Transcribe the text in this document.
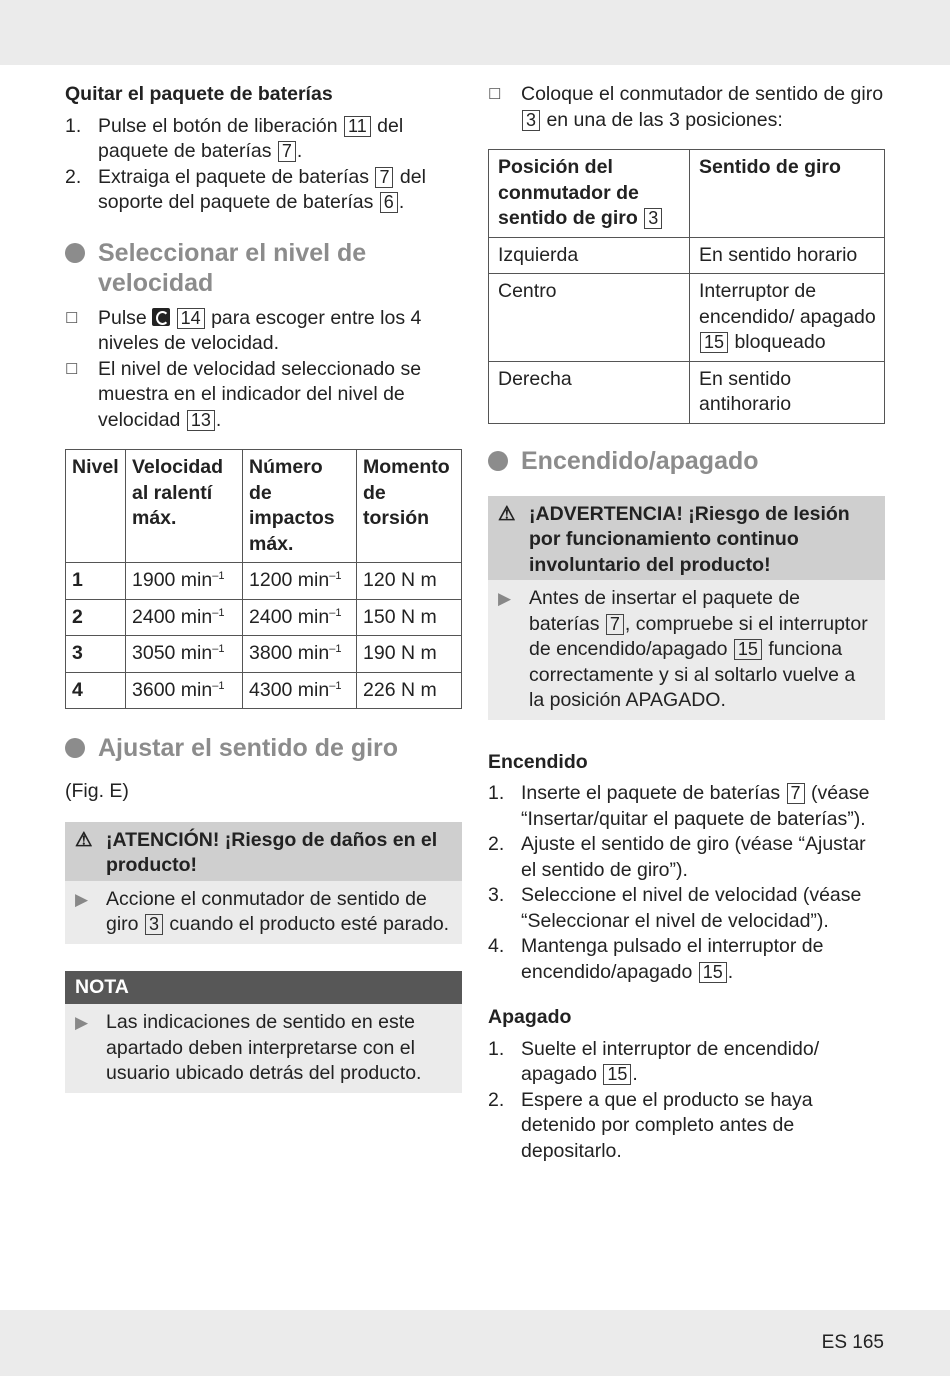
Quitar el paquete de baterías
1. Pulse el botón de liberación 11 del paquete de baterías 7 .
2. Extraiga el paquete de baterías 7 del soporte del paquete de baterías 6 .
Seleccionar el nivel de velocidad
☐	Pulse 14 para escoger entre los 4 niveles de velocidad.
☐	El nivel de velocidad seleccionado se muestra en el indicador del nivel de velocidad 13 .
Nivel	Velocidad al ralentí máx.	Número de impactos máx.	Momento de torsión
1	1900 $\min^{-1}$	1200 $\min^{-1}$	120 N m
2	2400 $\min^{-1}$	2400 $\min^{-1}$	150 N m
3	3050 $\min^{-1}$	3800 $\min^{-1}$	190 N m
4	3600 $\min^{-1}$	4300 $\min^{-1}$	226 N m
Ajustar el sentido de giro
(Fig. E)
⚠ ¡ATENCIÓN! ¡Riesgo de daños en el producto!
▶ Accione el conmutador de sentido de giro 3 cuando el producto esté parado.
NOTA
▶ Las indicaciones de sentido en este apartado deben interpretarse con el usuario ubicado detrás del producto.
☐	Coloque el conmutador de sentido de giro 3 en una de las 3 posiciones:
Posición del conmutador de sentido de giro 3	Sentido de giro
Izquierda	En sentido horario
Centro	Interruptor de encendido/ apagado 15 bloqueado
Derecha	En sentido antihorario
Encendido/apagado
⚠ ¡ADVERTENCIA! ¡Riesgo de lesión por funcionamiento continuo involuntario del producto!
▶ Antes de insertar el paquete de baterías 7 , compruebe si el interruptor de encendido/apagado 15 funciona correctamente y si al soltarlo vuelve a la posición APAGADO.
Encendido
1. Inserte el paquete de baterías 7 (véase “Insertar/quitar el paquete de baterías”).
2. Ajuste el sentido de giro (véase “Ajustar el sentido de giro”).
3. Seleccione el nivel de velocidad (véase “Seleccionar el nivel de velocidad”).
4. Mantenga pulsado el interruptor de encendido/apagado 15 .
Apagado
1. Suelte el interruptor de encendido/ apagado 15 .
2. Espere a que el producto se haya detenido por completo antes de depositarlo.
ES 165
